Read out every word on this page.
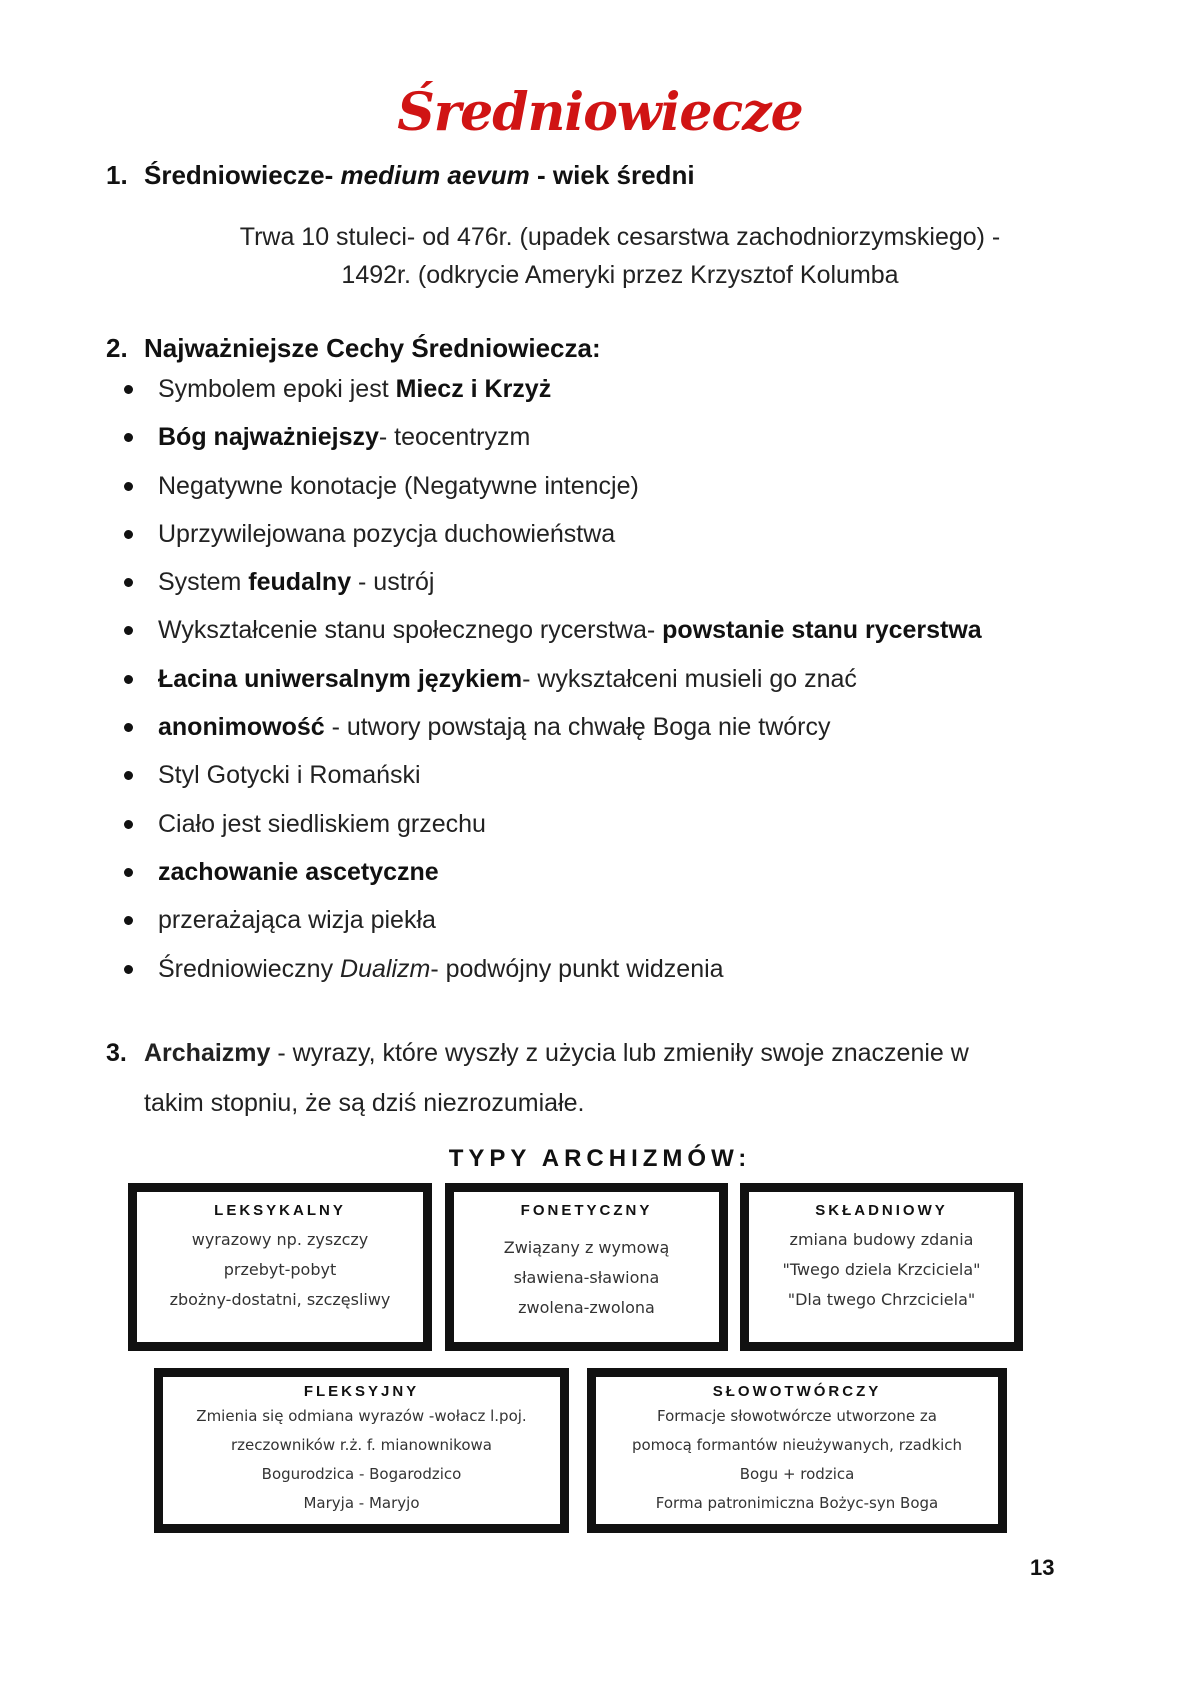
Średniowiecze
1. Średniowiecze- medium aevum - wiek średni
Trwa 10 stuleci- od 476r. (upadek cesarstwa zachodniorzymskiego) -
1492r. (odkrycie Ameryki przez Krzysztof Kolumba
2. Najważniejsze Cechy Średniowiecza:
Symbolem epoki jest Miecz i Krzyż
Bóg najważniejszy- teocentryzm
Negatywne konotacje (Negatywne intencje)
Uprzywilejowana pozycja duchowieństwa
System feudalny - ustrój
Wykształcenie stanu społecznego rycerstwa- powstanie stanu rycerstwa
Łacina uniwersalnym językiem- wykształceni musieli go znać
anonimowość - utwory powstają na chwałę Boga nie twórcy
Styl Gotycki i Romański
Ciało jest siedliskiem grzechu
zachowanie ascetyczne
przerażająca wizja piekła
Średniowieczny Dualizm- podwójny punkt widzenia
3. Archaizmy - wyrazy, które wyszły z użycia lub zmieniły swoje znaczenie w
takim stopniu, że są dziś niezrozumiałe.
TYPY ARCHIZMÓW:
LEKSYKALNY
wyrazowy np. zyszczy
przebyt-pobyt
zbożny-dostatni, szczęsliwy
FONETYCZNY
Związany z wymową
sławiena-sławiona
zwolena-zwolona
SKŁADNIOWY
zmiana budowy zdania
"Twego dziela Krzciciela"
"Dla twego Chrzciciela"
FLEKSYJNY
Zmienia się odmiana wyrazów -wołacz l.poj.
rzeczowników r.ż. f. mianownikowa
Bogurodzica - Bogarodzico
Maryja - Maryjo
SŁOWOTWÓRCZY
Formacje słowotwórcze utworzone za
pomocą formantów nieużywanych, rzadkich
Bogu + rodzica
Forma patronimiczna Bożyc-syn Boga
13
